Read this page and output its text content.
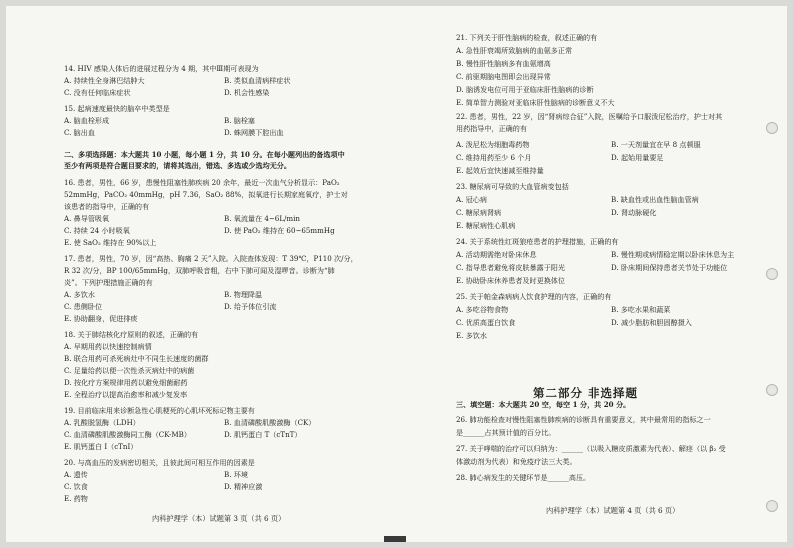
14. HIV 感染人体后的进展过程分为 4 期，其中Ⅲ期可表现为
A. 持续性全身淋巴结肿大	B. 类似血清病样症状
C. 没有任何临床症状	D. 机会性感染
15. 起病速度最快的脑卒中类型是
A. 脑血栓形成	B. 脑栓塞
C. 脑出血	D. 蛛网膜下腔出血
二、多项选择题：本大题共 10 小题，每小题 1 分，共 10 分。在每小题列出的备选项中
至少有两项是符合题目要求的，请将其选出，错选、多选或少选均无分。
16. 患者，男性，66 岁，患慢性阻塞性肺疾病 20 余年，最近一次血气分析显示：PaO₂
52mmHg，PaCO₂ 40mmHg，pH 7.36，SaO₂ 88%，拟氧进行长期家庭氧疗，护士对
该患者的指导中，正确的有
A. 鼻导管吸氧	B. 氧流量在 4~6L/min
C. 持续 24 小时吸氧	D. 使 PaO₂ 维持在 60~65mmHg
E. 使 SaO₂ 维持在 90%以上
17. 患者，男性，70 岁，因“高热、胸痛 2 天”入院。入院查体发现：T 39℃，P110 次/分，
R 32 次/分，BP 100/65mmHg，双肺呼吸音粗，右中下肺可闻及湿啰音。诊断为“肺
炎”。下列护理措施正确的有
A. 多饮水	B. 物理降温
C. 患侧卧位	D. 给予体位引流
E. 协助翻身，促进排痰
18. 关于肺结核化疗原则的叙述，正确的有
A. 早期用药以快速控制病情
B. 联合用药可杀死病灶中不同生长速度的菌群
C. 足量给药以便一次性杀灭病灶中的病菌
D. 按化疗方案规律用药以避免细菌耐药
E. 全程治疗以提高治愈率和减少复发率
19. 目前临床用来诊断急性心肌梗死的心肌坏死标记物主要有
A. 乳酸脱氢酶（LDH）	B. 血清磷酸肌酸激酶（CK）
C. 血清磷酸肌酸激酶同工酶（CK-MB）	D. 肌钙蛋白 T（cTnT）
E. 肌钙蛋白 I（cTnI）
20. 与高血压的发病密切相关，且彼此间可相互作用的因素是
A. 遗传	B. 环境
C. 饮食	D. 精神应激
E. 药物
21. 下列关于肝性脑病的检查，叙述正确的有
A. 急性肝衰竭所致脑病的血氨多正常
B. 慢性肝性脑病多有血氨增高
C. 前驱期脑电图即会出现异常
D. 脑诱发电位可用于亚临床肝性脑病的诊断
E. 简单智力测验对亚临床肝性脑病的诊断意义不大
22. 患者，男性，22 岁，因“肾病综合征”入院，医嘱给予口服泼尼松治疗，护士对其
用药指导中，正确的有
A. 泼尼松为细胞毒药物	B. 一天剂量宜在早 8 点顿服
C. 维持用药至少 6 个月	D. 起始用量要足
E. 起效后宜快速减至维持量
23. 糖尿病可导致的大血管病变包括
A. 冠心病	B. 缺血性或出血性脑血管病
C. 糖尿病肾病	D. 肾动脉硬化
E. 糖尿病性心肌病
24. 关于系统性红斑狼疮患者的护理措施，正确的有
A. 活动期需绝对卧床休息	B. 慢性期或病情稳定期以卧床休息为主
C. 指导患者避免将皮肤暴露于阳光	D. 卧床期间保持患者关节处于功能位
E. 协助卧床休养患者及时更换体位
25. 关于帕金森病病人饮食护理的内容，正确的有
A. 多吃谷物食物	B. 多吃水果和蔬菜
C. 优质高蛋白饮食	D. 减少脂肪和胆固醇摄入
E. 多饮水
三、填空题：本大题共 20 空，每空 1 分，共 20 分。
26. 肺功能检查对慢性阻塞性肺疾病的诊断具有重要意义，其中最常用的指标之一
是______占其预计值的百分比。
27. 关于哮喘的治疗可以归纳为：______（以吸入糖皮质激素为代表）、解痉（以 β₂ 受
体激动剂为代表）和免疫疗法三大类。
28. 肺心病发生的关键环节是______高压。
内科护理学（本）试题第 3 页（共 6 页）
第二部分 非选择题
内科护理学（本）试题第 4 页（共 6 页）
